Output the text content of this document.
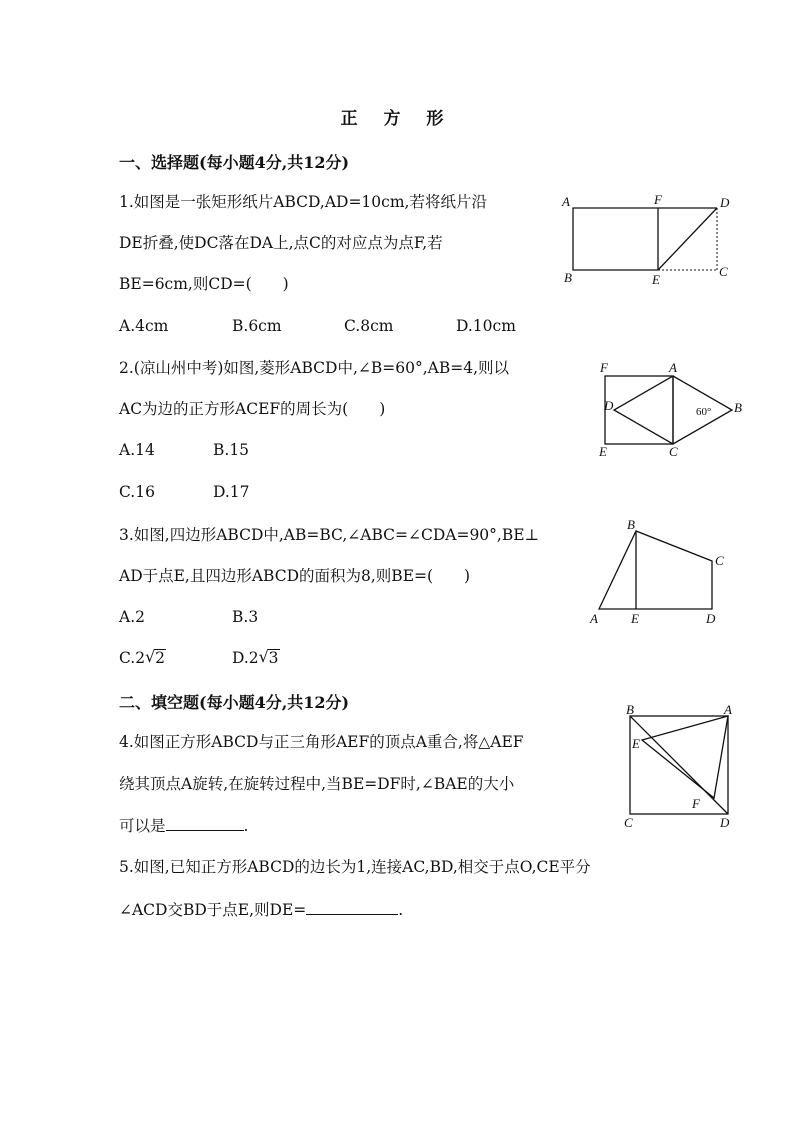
正 方 形
一、选择题(每小题4分,共12分)
1.如图是一张矩形纸片ABCD,AD=10cm,若将纸片沿
DE折叠,使DC落在DA上,点C的对应点为点F,若
BE=6cm,则CD=(　　)
A.4cm	B.6cm	C.8cm	D.10cm
A	F	D
B	E
C
2.(凉山州中考)如图,菱形ABCD中,∠B=60°,AB=4,则以
AC为边的正方形ACEF的周长为(　　)
A.14	B.15
C.16	D.17
F	A
D	B
E	C
60°
3.如图,四边形ABCD中,AB=BC,∠ABC=∠CDA=90°,BE⊥
AD于点E,且四边形ABCD的面积为8,则BE=(　　)
A.2	B.3
C.2 √ 2	D.2 √ 3
B
C
A	E	D
二、填空题(每小题4分,共12分)
4.如图正方形ABCD与正三角形AEF的顶点A重合,将△AEF
绕其顶点A旋转,在旋转过程中,当BE=DF时,∠BAE的大小
可以是	.
B	A
E
F
C	D
5.如图,已知正方形ABCD的边长为1,连接AC,BD,相交于点O,CE平分
∠ACD交BD于点E,则DE=	.
